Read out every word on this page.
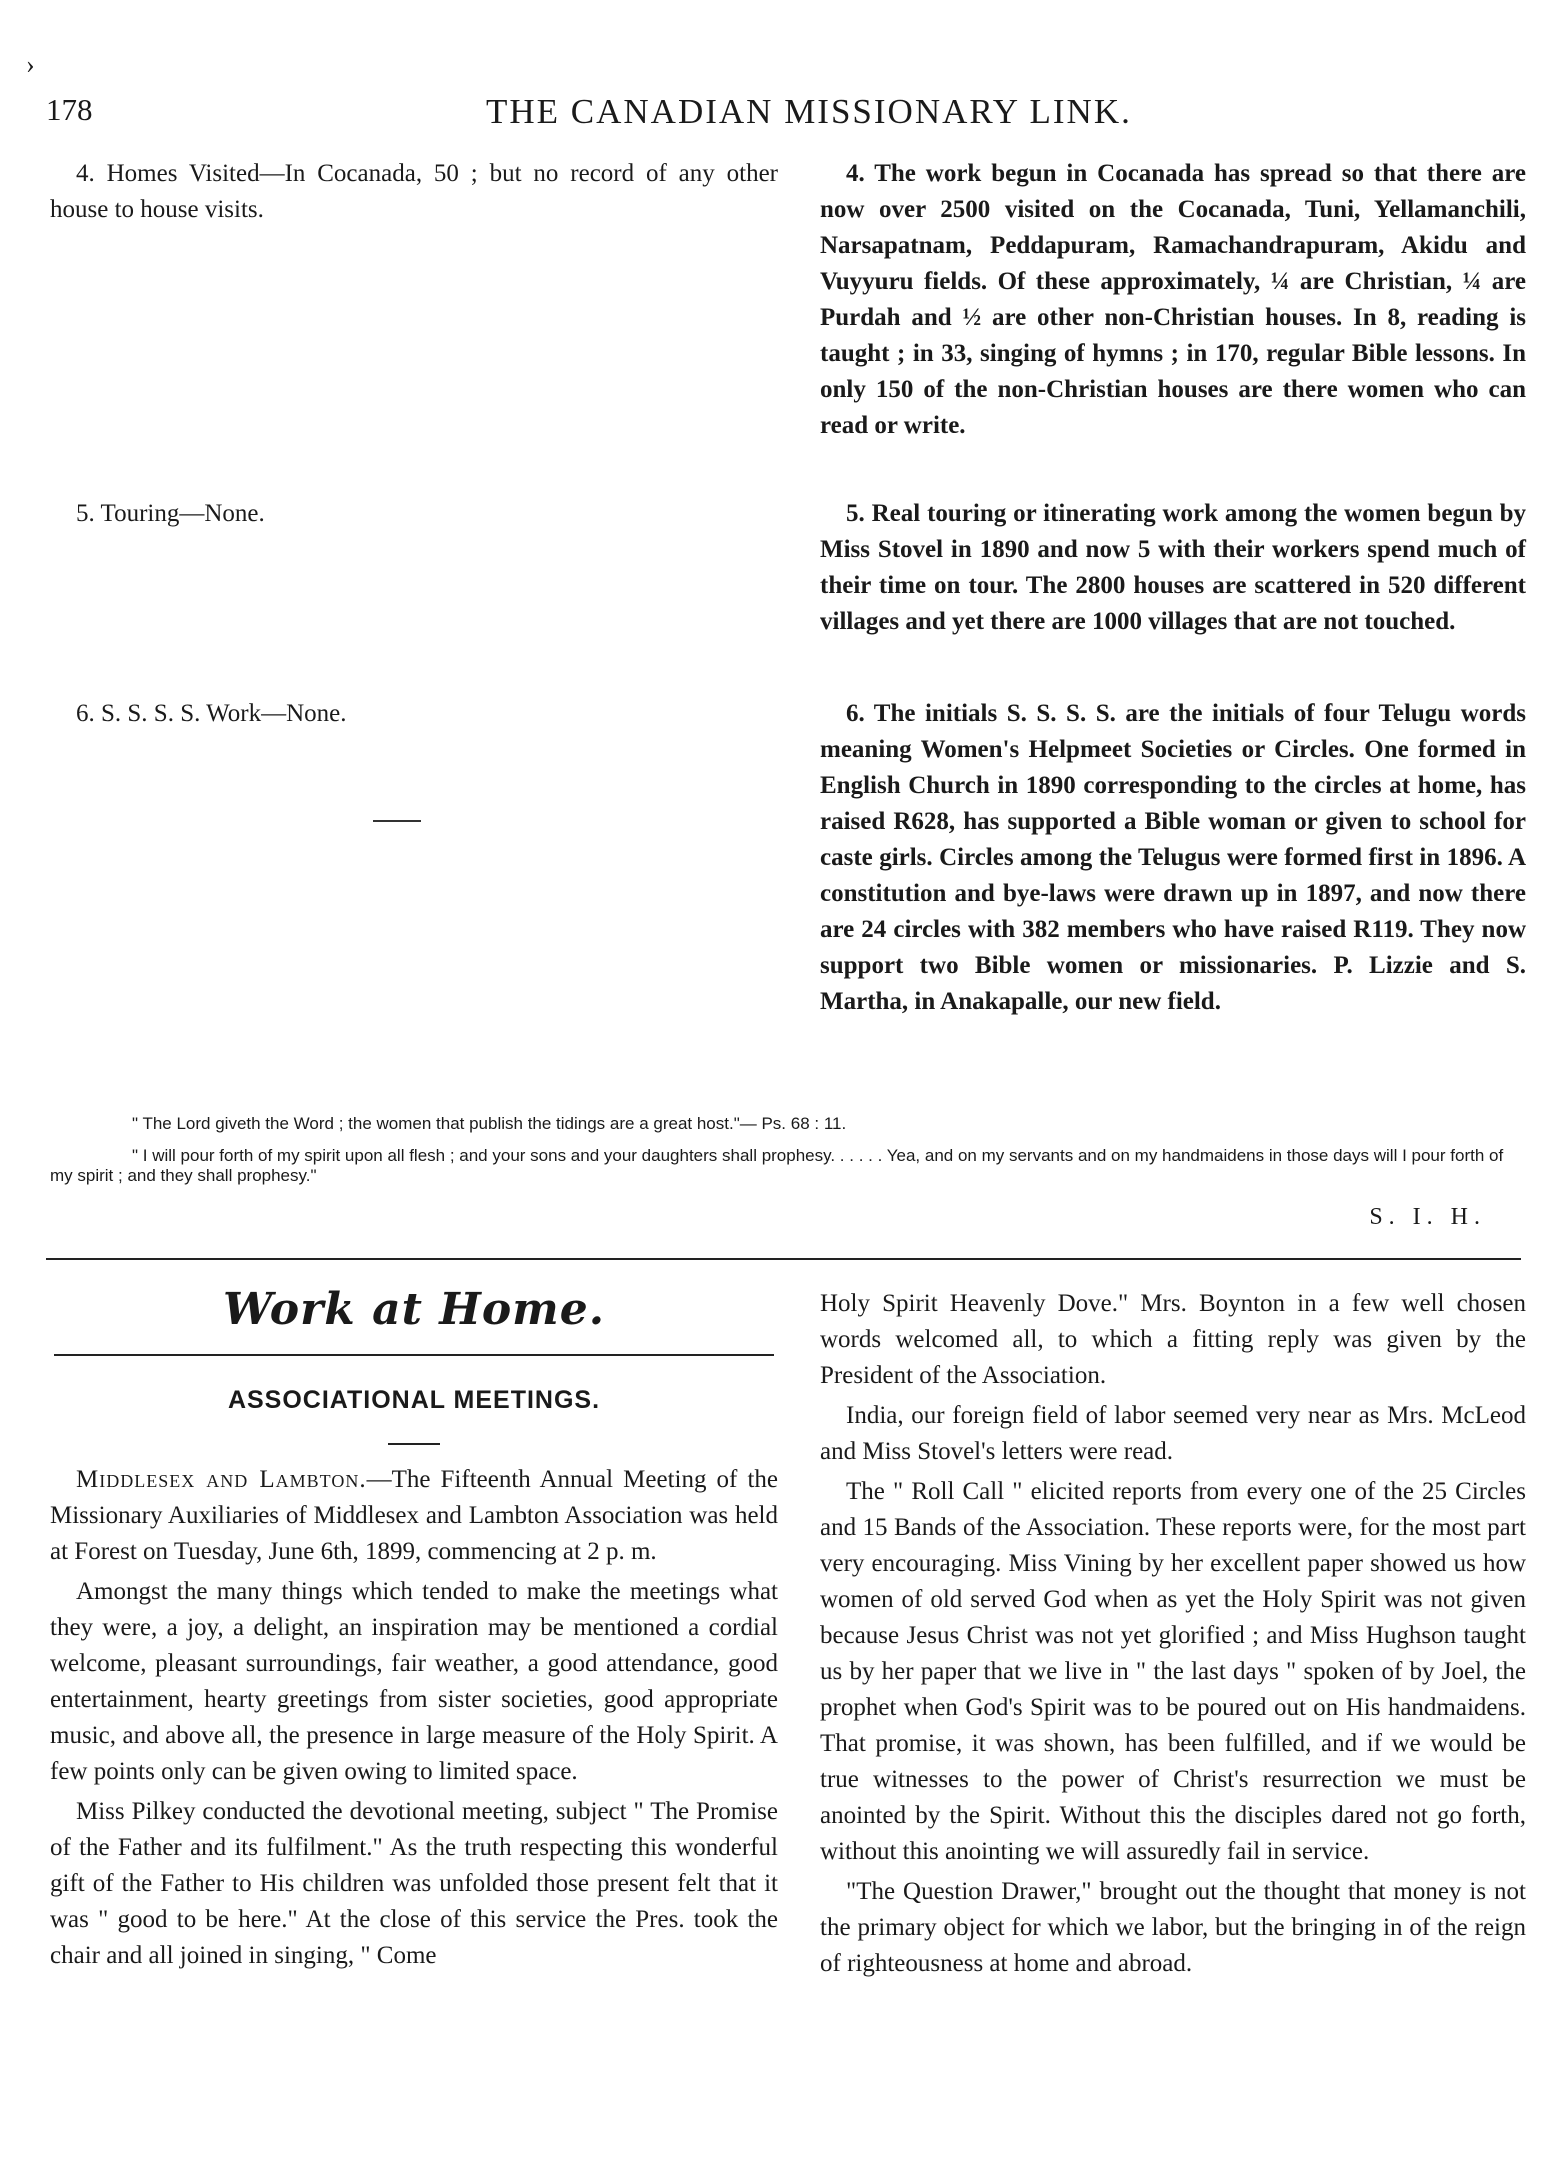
›
178	THE CANADIAN MISSIONARY LINK.
4. Homes Visited—In Cocanada, 50 ; but no record of any other house to house visits.
4. The work begun in Cocanada has spread so that there are now over 2500 visited on the Cocanada, Tuni, Yellamanchili, Narsapatnam, Peddapuram, Ramachandrapuram, Akidu and Vuyyuru fields. Of these approximately, ¼ are Christian, ¼ are Purdah and ½ are other non-Christian houses. In 8, reading is taught ; in 33, singing of hymns ; in 170, regular Bible lessons. In only 150 of the non-Christian houses are there women who can read or write.
5. Touring—None.	5. Real touring or itinerating work among the women begun by Miss Stovel in 1890 and now 5 with their workers spend much of their time on tour. The 2800 houses are scattered in 520 different villages and yet there are 1000 villages that are not touched.
6. S. S. S. S. Work—None.	6. The initials S. S. S. S. are the initials of four Telugu words meaning Women's Helpmeet Societies or Circles. One formed in English Church in 1890 corresponding to the circles at home, has raised R628, has supported a Bible woman or given to school for caste girls. Circles among the Telugus were formed first in 1896. A constitution and bye-laws were drawn up in 1897, and now there are 24 circles with 382 members who have raised R119. They now support two Bible women or missionaries. P. Lizzie and S. Martha, in Anakapalle, our new field.
" The Lord giveth the Word ; the women that publish the tidings are a great host."— Ps. 68 : 11.
" I will pour forth of my spirit upon all flesh ; and your sons and your daughters shall prophesy. . . . . . Yea, and on my servants and on my handmaidens in those days will I pour forth of my spirit ; and they shall prophesy."
S. I. H.
Work at Home.
ASSOCIATIONAL MEETINGS.

Middlesex and Lambton.—The Fifteenth Annual Meeting of the Missionary Auxiliaries of Middlesex and Lambton Association was held at Forest on Tuesday, June 6th, 1899, commencing at 2 p. m.

Amongst the many things which tended to make the meetings what they were, a joy, a delight, an inspiration may be mentioned a cordial welcome, pleasant surroundings, fair weather, a good attendance, good entertainment, hearty greetings from sister societies, good appropriate music, and above all, the presence in large measure of the Holy Spirit. A few points only can be given owing to limited space.

Miss Pilkey conducted the devotional meeting, subject " The Promise of the Father and its fulfilment." As the truth respecting this wonderful gift of the Father to His children was unfolded those present felt that it was " good to be here." At the close of this service the Pres. took the chair and all joined in singing, " Come

Holy Spirit Heavenly Dove." Mrs. Boynton in a few well chosen words welcomed all, to which a fitting reply was given by the President of the Association.

India, our foreign field of labor seemed very near as Mrs. McLeod and Miss Stovel's letters were read.

The " Roll Call " elicited reports from every one of the 25 Circles and 15 Bands of the Association. These reports were, for the most part very encouraging. Miss Vining by her excellent paper showed us how women of old served God when as yet the Holy Spirit was not given because Jesus Christ was not yet glorified ; and Miss Hughson taught us by her paper that we live in " the last days " spoken of by Joel, the prophet when God's Spirit was to be poured out on His handmaidens. That promise, it was shown, has been fulfilled, and if we would be true witnesses to the power of Christ's resurrection we must be anointed by the Spirit. Without this the disciples dared not go forth, without this anointing we will assuredly fail in service.

"The Question Drawer," brought out the thought that money is not the primary object for which we labor, but the bringing in of the reign of righteousness at home and abroad.
